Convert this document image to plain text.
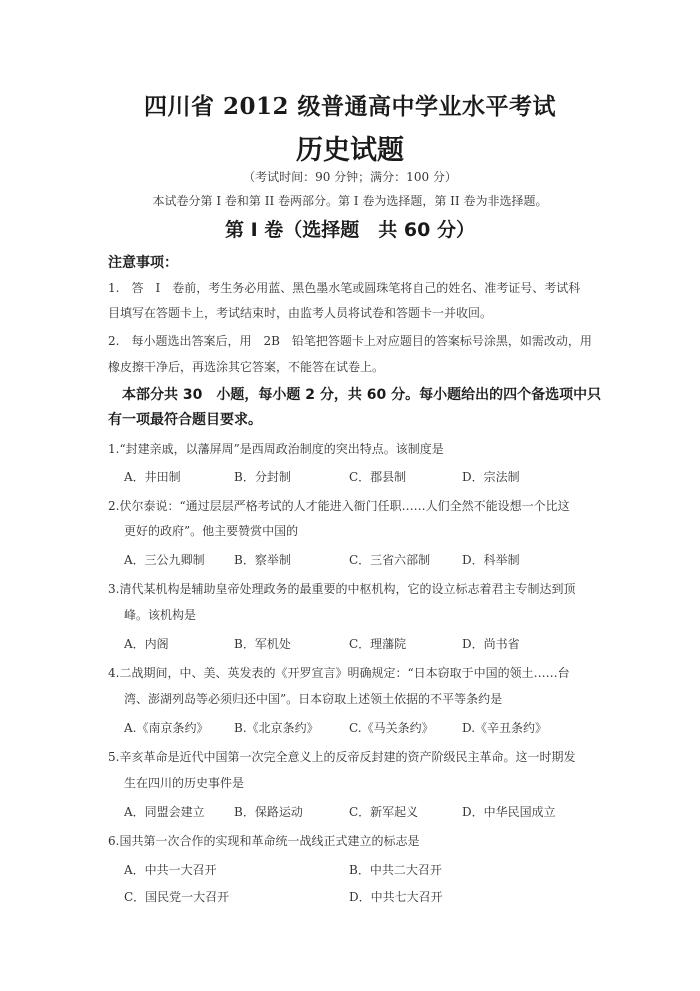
四川省 2012 级普通高中学业水平考试
历史试题
（考试时间：90 分钟；满分：100 分）
本试卷分第 I 卷和第 II 卷两部分。第 I 卷为选择题，第 II 卷为非选择题。
第 I 卷（选择题　共 60 分）
注意事项：
1.　答　I　卷前，考生务必用蓝、黑色墨水笔或圆珠笔将自己的姓名、准考证号、考试科
目填写在答题卡上，考试结束时，由监考人员将试卷和答题卡一并收回。
2.　每小题选出答案后，用　2B　铅笔把答题卡上对应题目的答案标号涂黑，如需改动，用
橡皮擦干净后，再选涂其它答案，不能答在试卷上。
本部分共 30　小题，每小题 2 分，共 60 分。每小题给出的四个备选项中只
有一项最符合题目要求。
1.“封建亲戚，以藩屏周”是西周政治制度的突出特点。该制度是
A．井田制	B．分封制	C．郡县制	D．宗法制
2.伏尔泰说：“通过层层严格考试的人才能进入衙门任职……人们全然不能设想一个比这
更好的政府”。他主要赞赏中国的
A．三公九卿制 B．察举制	C．三省六部制	D．科举制
3.清代某机构是辅助皇帝处理政务的最重要的中枢机构，它的设立标志着君主专制达到顶
峰。该机构是
A．内阁	B．军机处	C．理藩院	D．尚书省
4.二战期间，中、美、英发表的《开罗宣言》明确规定：“日本窃取于中国的领土……台
湾、澎湖列岛等必须归还中国”。日本窃取上述领土依据的不平等条约是
A.《南京条约》 B.《北京条约》	C.《马关条约》 D.《辛丑条约》
5.辛亥革命是近代中国第一次完全意义上的反帝反封建的资产阶级民主革命。这一时期发
生在四川的历史事件是
A．同盟会建立 B．保路运动	C．新军起义	D．中华民国成立
6.国共第一次合作的实现和革命统一战线正式建立的标志是
A．中共一大召开	B．中共二大召开
C．国民党一大召开	D．中共七大召开
